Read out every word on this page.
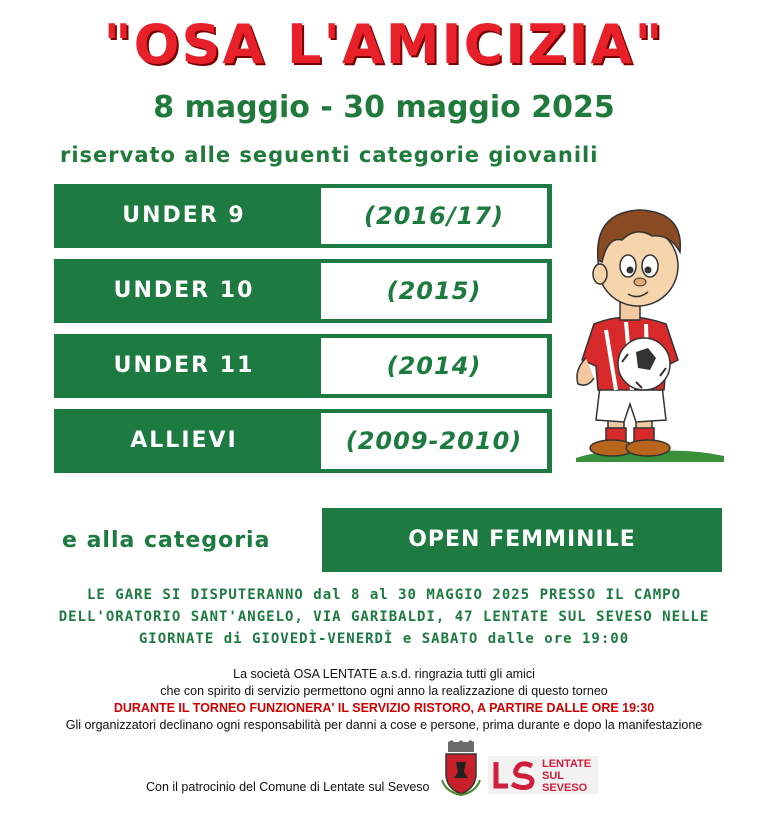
"OSA L'AMICIZIA"
8 maggio - 30 maggio 2025
riservato alle seguenti categorie giovanili
UNDER 9	(2016/17)
UNDER 10	(2015)
UNDER 11	(2014)
ALLIEVI	(2009-2010)
e alla categoria	OPEN FEMMINILE
LE GARE SI DISPUTERANNO dal 8 al 30 MAGGIO 2025 PRESSO IL CAMPO
DELL'ORATORIO SANT'ANGELO, VIA GARIBALDI, 47 LENTATE SUL SEVESO NELLE
GIORNATE di GIOVEDÌ-VENERDÌ e SABATO dalle ore 19:00
La società OSA LENTATE a.s.d. ringrazia tutti gli amici
che con spirito di servizio permettono ogni anno la realizzazione di questo torneo
DURANTE IL TORNEO FUNZIONERA' IL SERVIZIO RISTORO, A PARTIRE DALLE ORE 19:30
Gli organizzatori declinano ogni responsabilità per danni a cose e persone, prima durante e dopo la manifestazione
Con il patrocinio del Comune di Lentate sul Seveso
LENTATE
SUL
SEVESO
